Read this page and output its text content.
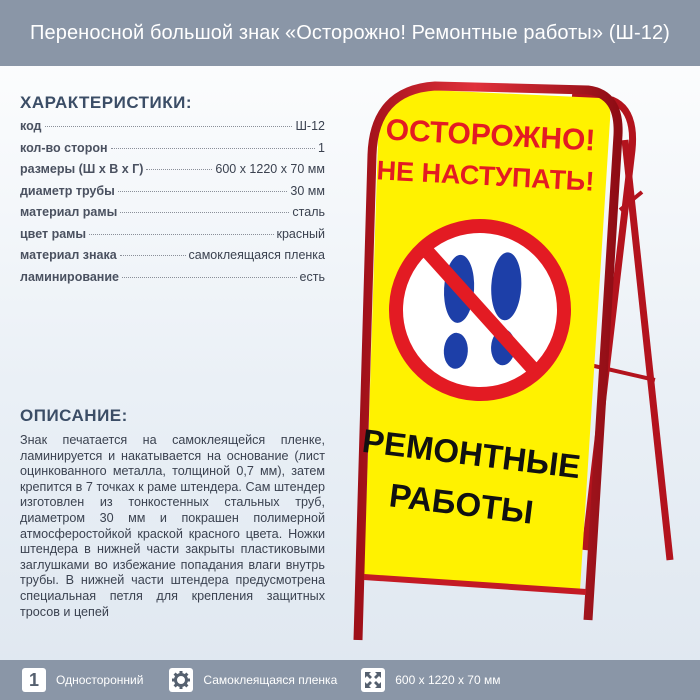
Переносной большой знак «Осторожно! Ремонтные работы» (Ш-12)
ХАРАКТЕРИСТИКИ:
код	Ш-12
кол-во сторон	1
размеры (Ш х В х Г)	600 х 1220 х 70 мм
диаметр трубы	30 мм
материал рамы	сталь
цвет рамы	красный
материал знака	самоклеящаяся пленка
ламинирование	есть
ОПИСАНИЕ:
Знак печатается на самоклеящейся пленке, ламинируется и накатывается на основание (лист оцинкованного металла, толщиной 0,7 мм), затем крепится в 7 точках к раме штендера. Сам штендер изготовлен из тонкостенных стальных труб, диаметром 30 мм и покрашен полимерной атмосферостойкой краской красного цвета. Ножки штендера в нижней части закрыты пластиковыми заглушками во избежание попадания влаги внутрь трубы. В нижней части штендера предусмотрена специальная петля для крепления защитных тросов и цепей
ОСТОРОЖНО!
НЕ НАСТУПАТЬ!
РЕМОНТНЫЕ
РАБОТЫ
1 Односторонний	Самоклеящаяся пленка	600 х 1220 х 70 мм
